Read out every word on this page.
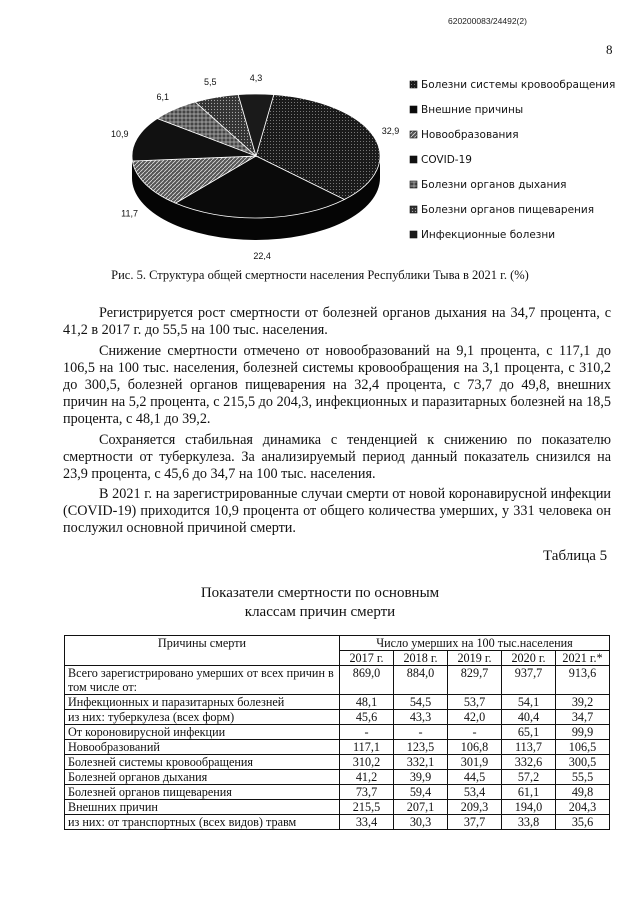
620200083/24492(2)
8
32,9
22,4
11,7
10,9
6,1
5,5	4,3
Болезни системы кровообращения
Внешние причины
Новообразования
COVID-19
Болезни органов дыхания
Болезни органов пищеварения
Инфекционные болезни
Рис. 5. Структура общей смертности населения Республики Тыва в 2021 г. (%)

Регистрируется рост смертности от болезней органов дыхания на 34,7 процента, с 41,2 в 2017 г. до 55,5 на 100 тыс. населения.

Снижение смертности отмечено от новообразований на 9,1 процента, с 117,1 до 106,5 на 100 тыс. населения, болезней системы кровообращения на 3,1 процента, с 310,2 до 300,5, болезней органов пищеварения на 32,4 процента, с 73,7 до 49,8, внешних причин на 5,2 процента, с 215,5 до 204,3, инфекционных и паразитарных болезней на 18,5 процента, с 48,1 до 39,2.

Сохраняется стабильная динамика с тенденцией к снижению по показателю смертности от туберкулеза. За анализируемый период данный показатель снизился на 23,9 процента, с 45,6 до 34,7 на 100 тыс. населения.

В 2021 г. на зарегистрированные случаи смерти от новой коронавирусной инфекции (COVID-19) приходится 10,9 процента от общего количества умерших, у 331 человека он послужил основной причиной смерти.

Таблица 5
Показатели смертности по основным
классам причин смерти
Причины смерти	Число умерших на 100 тыс.населения				
	2017 г.	2018 г.	2019 г.	2020 г.	2021 г.*
Всего зарегистрировано умерших от всех причин в том числе от:	869,0	884,0	829,7	937,7	913,6
Инфекционных и паразитарных болезней	48,1	54,5	53,7	54,1	39,2
из них: туберкулеза (всех форм)	45,6	43,3	42,0	40,4	34,7
От короновирусной инфекции	-	-	-	65,1	99,9
Новообразований	117,1	123,5	106,8	113,7	106,5
Болезней системы кровообращения	310,2	332,1	301,9	332,6	300,5
Болезней органов дыхания	41,2	39,9	44,5	57,2	55,5
Болезней органов пищеварения	73,7	59,4	53,4	61,1	49,8
Внешних причин	215,5	207,1	209,3	194,0	204,3
из них: от транспортных (всех видов) травм	33,4	30,3	37,7	33,8	35,6
